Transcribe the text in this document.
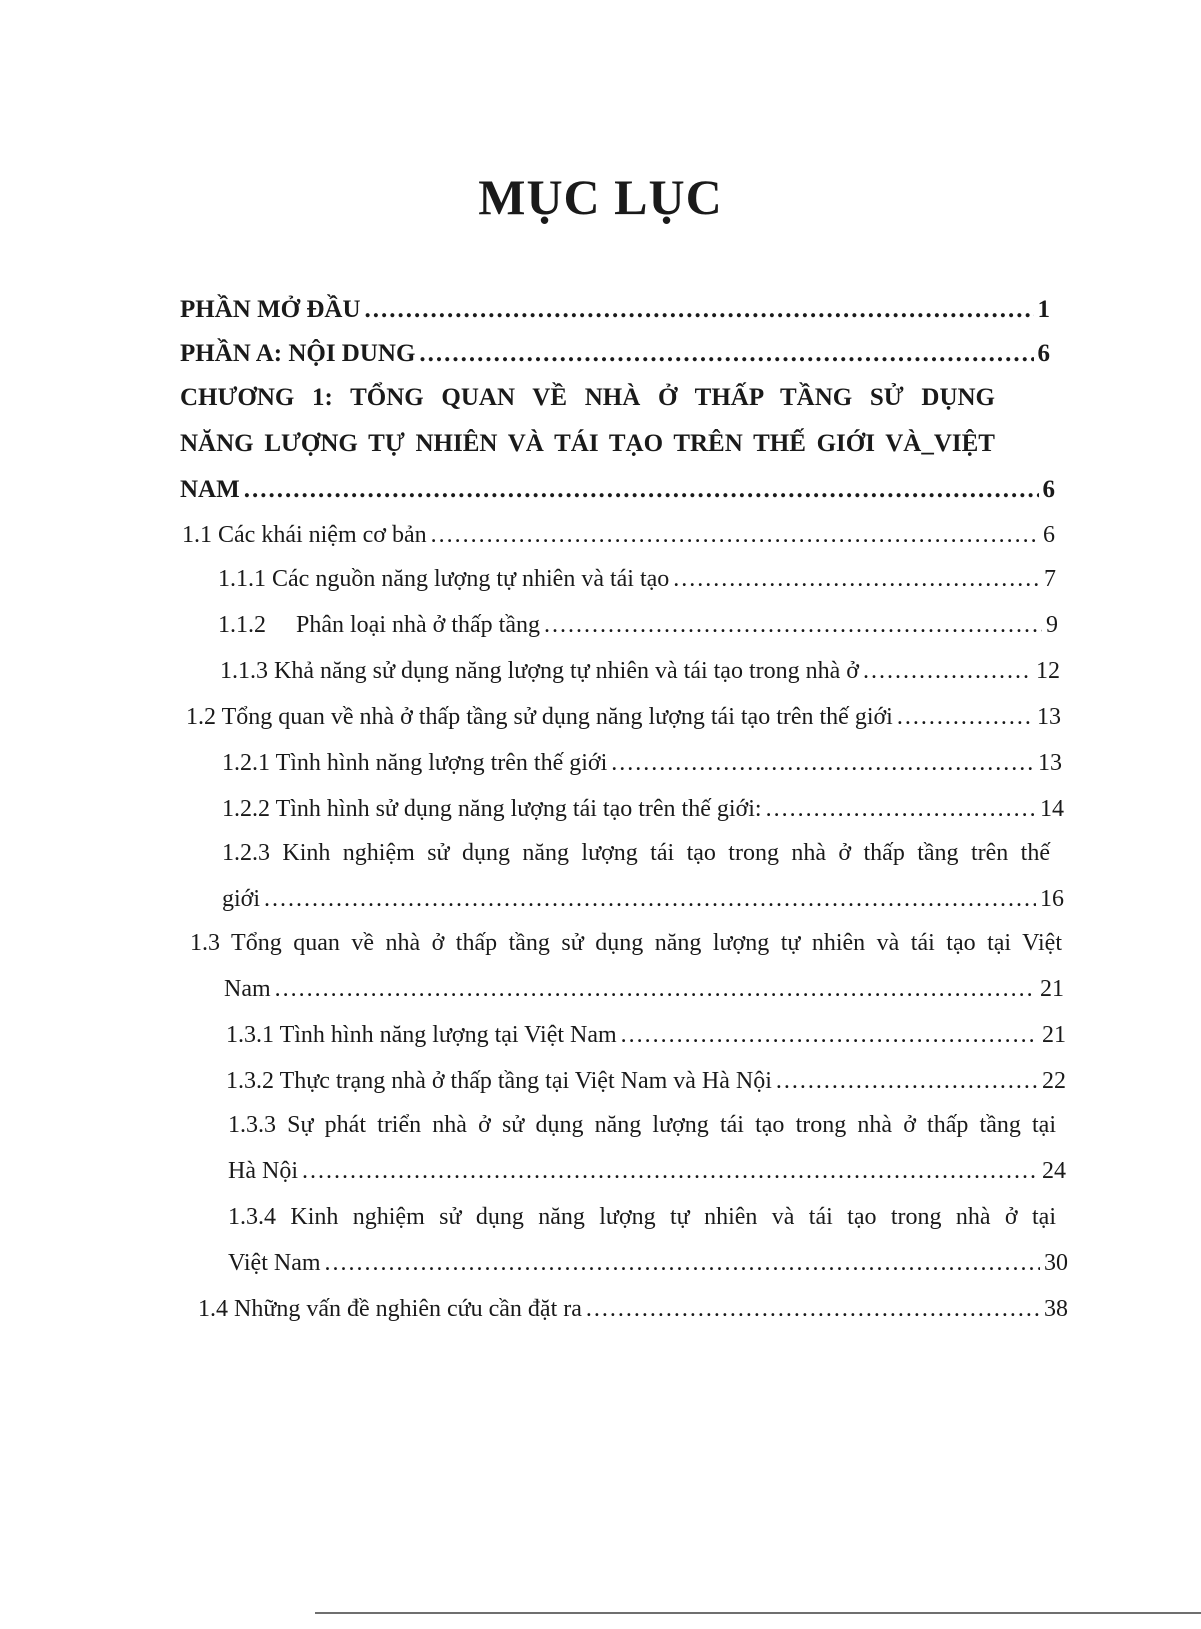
MỤC LỤC
PHẦN MỞ ĐẦU .....	1
PHẦN A: NỘI DUNG .....	6
CHƯƠNG 1: TỔNG QUAN VỀ NHÀ Ở THẤP TẦNG SỬ DỤNG
NĂNG LƯỢNG TỰ NHIÊN VÀ TÁI TẠO TRÊN THẾ GIỚI VÀ_VIỆT
NAM .....	6
1.1 Các khái niệm cơ bản .....	6
1.1.1 Các nguồn năng lượng tự nhiên và tái tạo .....	7
1.1.2     Phân loại nhà ở thấp tầng .....	9
1.1.3 Khả năng sử dụng năng lượng tự nhiên và tái tạo trong nhà ở .....	12
1.2 Tổng quan về nhà ở thấp tầng sử dụng năng lượng tái tạo trên thế giới .....	13
1.2.1 Tình hình năng lượng trên thế giới .....	13
1.2.2 Tình hình sử dụng năng lượng tái tạo trên thế giới: .....	14
1.2.3 Kinh nghiệm sử dụng năng lượng tái tạo trong nhà ở thấp tầng trên thế
giới .....	16
1.3 Tổng quan về nhà ở thấp tầng sử dụng năng lượng tự nhiên và tái tạo tại Việt
Nam .....	21
1.3.1 Tình hình năng lượng tại Việt Nam .....	21
1.3.2 Thực trạng nhà ở thấp tầng tại Việt Nam và Hà Nội .....	22
1.3.3 Sự phát triển nhà ở sử dụng năng lượng tái tạo trong nhà ở thấp tầng tại
Hà Nội .....	24
1.3.4 Kinh nghiệm sử dụng năng lượng tự nhiên và tái tạo trong nhà ở tại
Việt Nam .....	30
1.4 Những vấn đề nghiên cứu cần đặt ra .....	38
